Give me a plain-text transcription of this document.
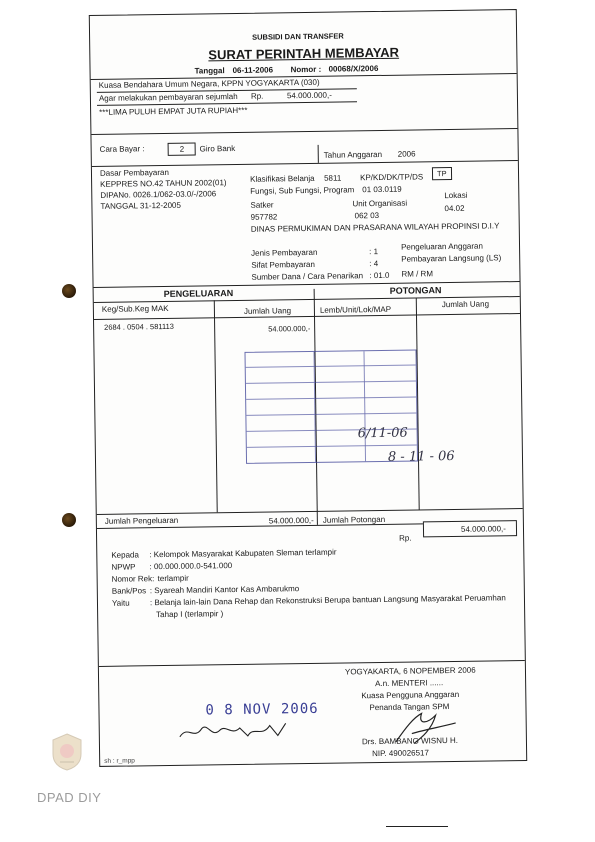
DPAD DIY
SUBSIDI DAN TRANSFER
SURAT PERINTAH MEMBAYAR
Tanggal 06-11-2006 Nomor : 00068/X/2006
Kuasa Bendahara Umum Negara, KPPN YOGYAKARTA (030)
Agar melakukan pembayaran sejumlah Rp.	54.000.000,-
***LIMA PULUH EMPAT JUTA RUPIAH***
Cara Bayar :	2 Giro Bank
Tahun Anggaran 2006
Dasar Pembayaran
KEPPRES NO.42 TAHUN 2002(01)
DIPANo. 0026.1/062-03.0/-/2006
TANGGAL 31-12-2005
Klasifikasi Belanja 5811 KP/KD/DK/TP/DS TP
Fungsi, Sub Fungsi, Program 01 03.0119
Satker	Unit Organisasi
Lokasi
957782	062 03
04.02
DINAS PERMUKIMAN DAN PRASARANA WILAYAH PROPINSI D.I.Y
Jenis Pembayaran	: 1	Pengeluaran Anggaran
Sifat Pembayaran	: 4	Pembayaran Langsung (LS)
Sumber Dana / Cara Penarikan : 01.0 RM / RM
PENGELUARAN	POTONGAN
Keg/Sub.Keg MAK	Jumlah Uang	Lemb/Unit/Lok/MAP
Jumlah Uang
2684 . 0504 . 581113	54.000.000,-
6/11-06
8 - 11 - 06
Jumlah Pengeluaran	54.000.000,- Jumlah Potongan
Rp.
54.000.000,-
Kepada : Kelompok Masyarakat Kabupaten Sleman terlampir
NPWP : 00.000.000.0-541.000
Nomor Rek: terlampir
Bank/Pos : Syareah Mandiri Kantor Kas Ambarukmo
Yaitu	: Belanja lain-lain Dana Rehap dan Rekonstruksi Berupa bantuan Langsung Masyarakat Peruamhan
Tahap I (terlampir )
YOGYAKARTA, 6 NOPEMBER 2006
A.n. MENTERI ......
Kuasa Pengguna Anggaran
Penanda Tangan SPM
Drs. BAMBANG WISNU H.
NIP. 490026517
0 8 NOV 2006
sh : r_mpp
